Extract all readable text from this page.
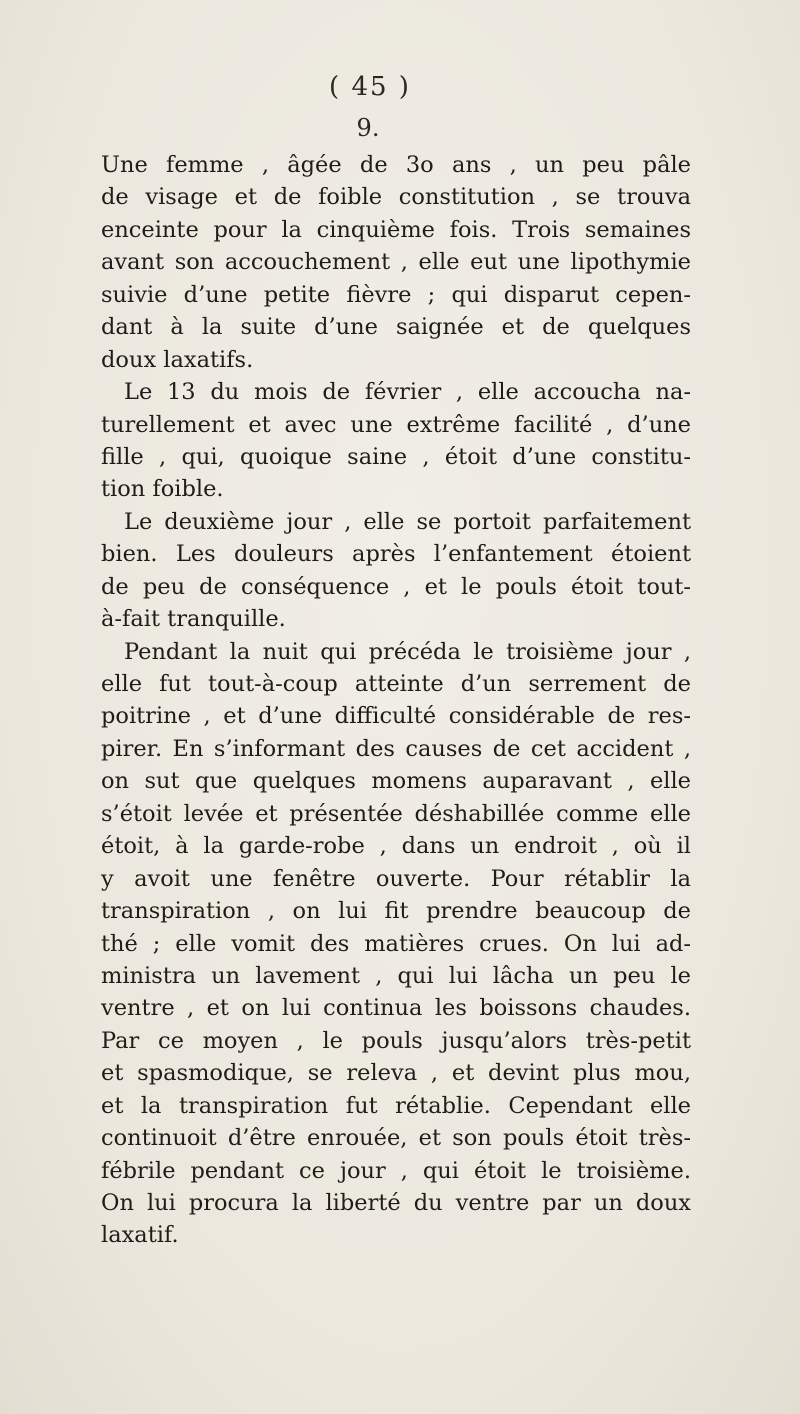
( 45 )
9.
Une femme , âgée de 3o ans , un peu pâle
de visage et de foible constitution , se trouva
enceinte pour la cinquième fois. Trois semaines
avant son accouchement , elle eut une lipothymie
suivie d’une petite fièvre ; qui disparut cepen-
dant à la suite d’une saignée et de quelques
doux laxatifs.
Le 13 du mois de février , elle accoucha na-
turellement et avec une extrême facilité , d’une
fille , qui, quoique saine , étoit d’une constitu-
tion foible.
Le deuxième jour , elle se portoit parfaitement
bien. Les douleurs après l’enfantement étoient
de peu de conséquence , et le pouls étoit tout-
à-fait tranquille.
Pendant la nuit qui précéda le troisième jour ,
elle fut tout-à-coup atteinte d’un serrement de
poitrine , et d’une difficulté considérable de res-
pirer. En s’informant des causes de cet accident ,
on sut que quelques momens auparavant , elle
s’étoit levée et présentée déshabillée comme elle
étoit, à la garde-robe , dans un endroit , où il
y avoit une fenêtre ouverte. Pour rétablir la
transpiration , on lui fit prendre beaucoup de
thé ; elle vomit des matières crues. On lui ad-
ministra un lavement , qui lui lâcha un peu le
ventre , et on lui continua les boissons chaudes.
Par ce moyen , le pouls jusqu’alors très-petit
et spasmodique, se releva , et devint plus mou,
et la transpiration fut rétablie. Cependant elle
continuoit d’être enrouée, et son pouls étoit très-
fébrile pendant ce jour , qui étoit le troisième.
On lui procura la liberté du ventre par un doux
laxatif.
